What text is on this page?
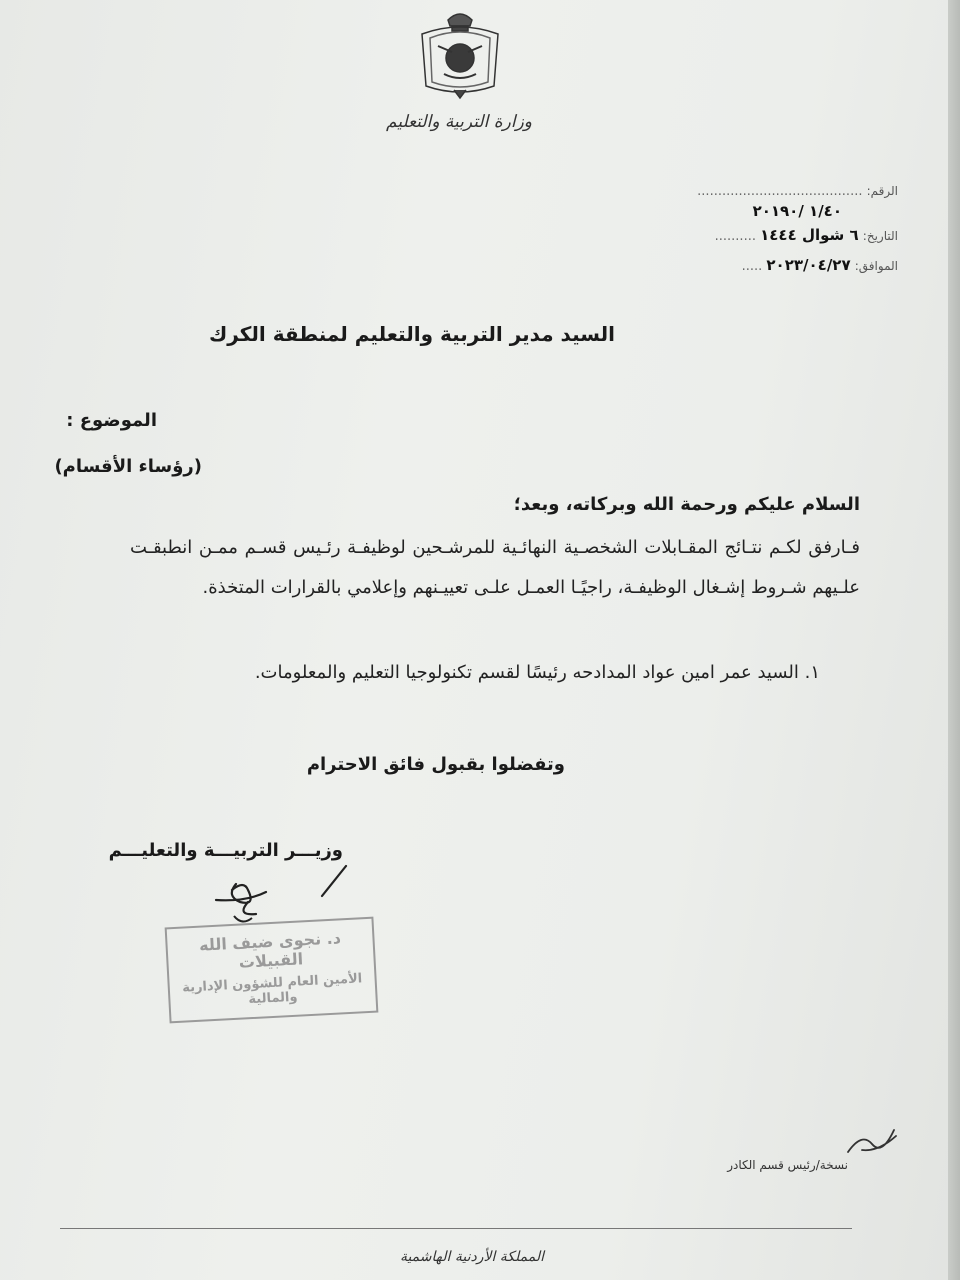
وزارة التربية والتعليم
الرقم: ........................................
١/٤٠ /٢٠١٩٠
التاريخ: ٦ شوال ١٤٤٤ ..........
الموافق: ٢٠٢٣/٠٤/٢٧ .....
السيد مدير التربية والتعليم لمنطقة الكرك
الموضوع :
(رؤساء الأقسام)
السلام عليكم ورحمة الله وبركاته، وبعد؛
فـارفق لكـم نتـائج المقـابلات الشخصـية النهائـية للمرشـحين لوظيفـة رئـيس قسـم ممـن انطبقـت علـيهم شـروط إشـغال الوظيفـة، راجيًـا العمـل علـى تعييـنهم وإعلامي بالقرارات المتخذة.
١. السيد عمر امين عواد المدادحه رئيسًا لقسم تكنولوجيا التعليم والمعلومات.
وتفضلوا بقبول فائق الاحترام
وزيـــر التربيـــة والتعليـــم
د. نجوى ضيف الله القبيلات
الأمين العام للشؤون الإدارية والمالية
نسخة/رئيس قسم الكادر
المملكة الأردنية الهاشمية
